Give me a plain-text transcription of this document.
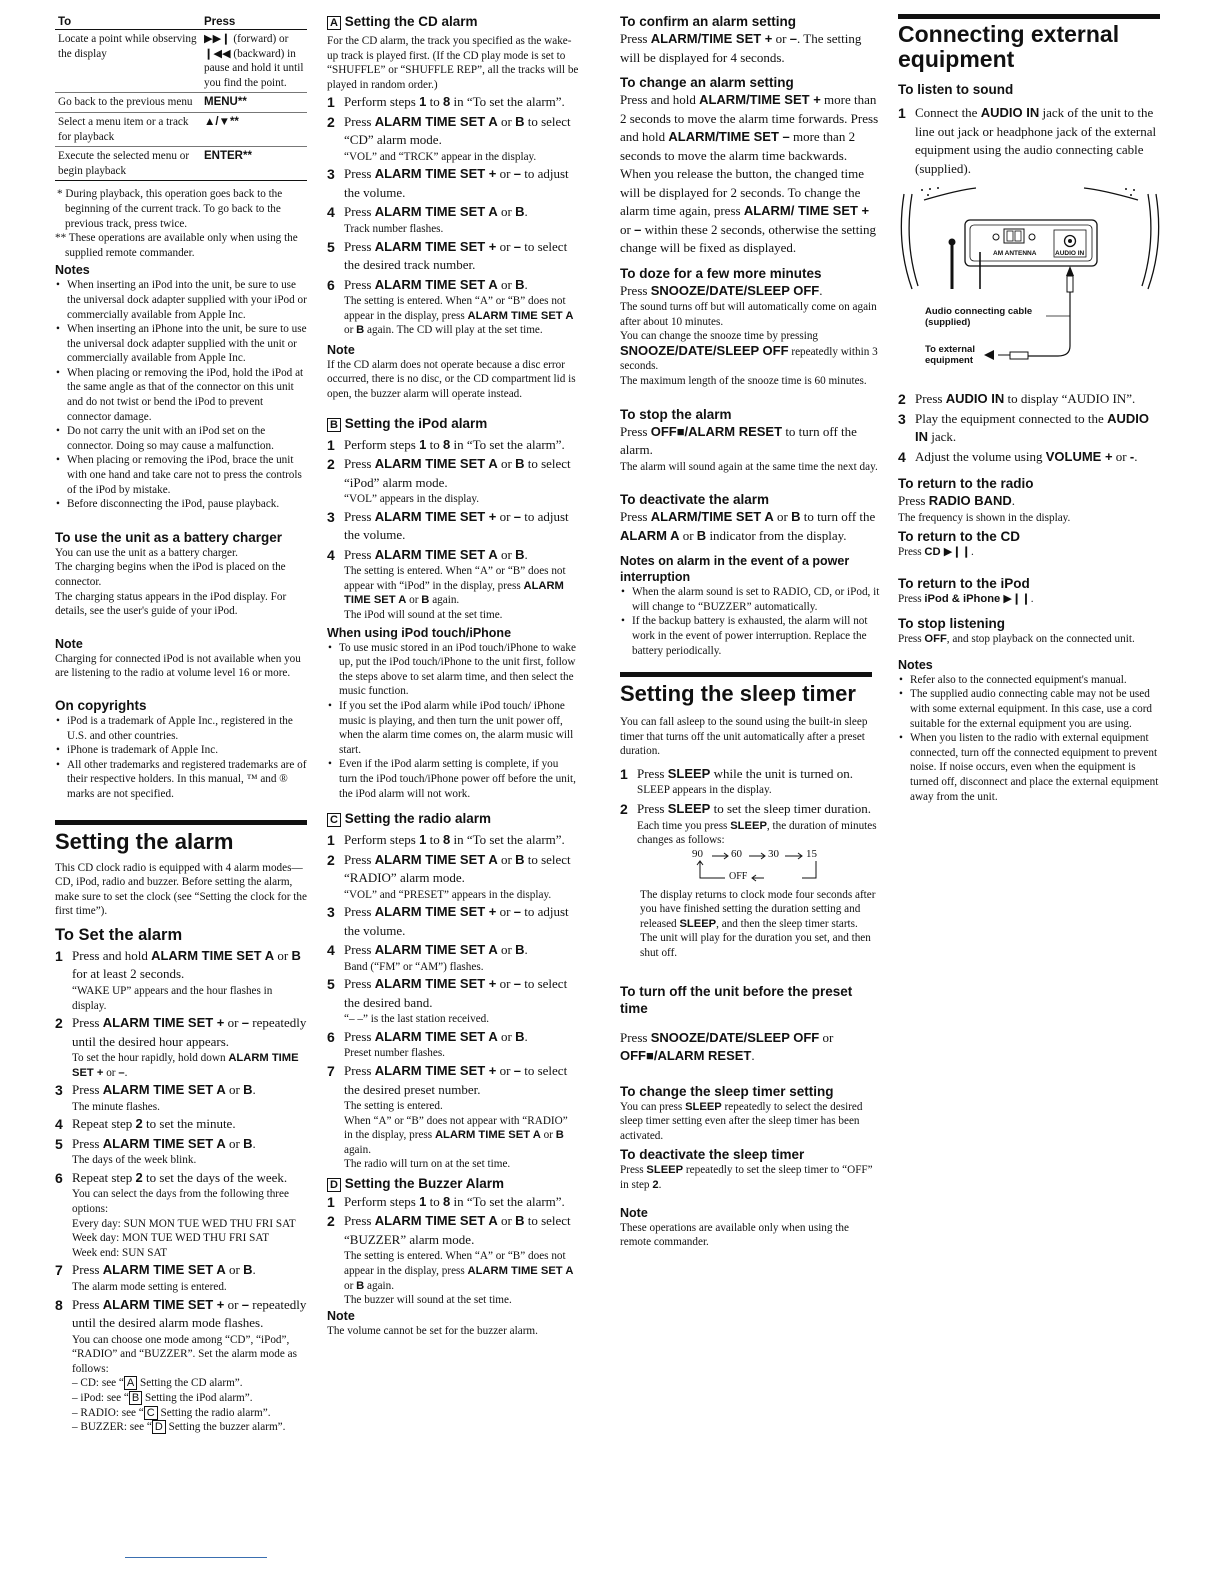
To	Press
Locate a point while observing the display	▶▶❙ (forward) or ❙◀◀ (backward) in pause and hold it until you find the point.
Go back to the previous menu	MENU**
Select a menu item or a track for playback	▲/▼**
Execute the selected menu or begin playback	ENTER**

* During playback, this operation goes back to the beginning of the current track. To go back to the previous track, press twice.

** These operations are available only when using the supplied remote commander.

Notes

• When inserting an iPod into the unit, be sure to use the universal dock adapter supplied with your iPod or commercially available from Apple Inc.
• When inserting an iPhone into the unit, be sure to use the universal dock adapter supplied with the unit or commercially available from Apple Inc.
• When placing or removing the iPod, hold the iPod at the same angle as that of the connector on this unit and do not twist or bend the iPod to prevent connector damage.
• Do not carry the unit with an iPod set on the connector. Doing so may cause a malfunction.
• When placing or removing the iPod, brace the unit with one hand and take care not to press the controls of the iPod by mistake.
• Before disconnecting the iPod, pause playback.

To use the unit as a battery charger

You can use the unit as a battery charger.

The charging begins when the iPod is placed on the connector.

The charging status appears in the iPod display. For details, see the user's guide of your iPod.

Note

Charging for connected iPod is not available when you are listening to the radio at volume level 16 or more.

On copyrights

• iPod is a trademark of Apple Inc., registered in the U.S. and other countries.
• iPhone is trademark of Apple Inc.
• All other trademarks and registered trademarks are of their respective holders. In this manual, ™ and ® marks are not specified.
Setting the alarm

This CD clock radio is equipped with 4 alarm modes—CD, iPod, radio and buzzer. Before setting the alarm, make sure to set the clock (see “Setting the clock for the first time”).

To Set the alarm

1 Press and hold ALARM TIME SET A or B for at least 2 seconds.
“WAKE UP” appears and the hour flashes in display.
2 Press ALARM TIME SET + or – repeatedly until the desired hour appears.
To set the hour rapidly, hold down ALARM TIME SET + or –.
3 Press ALARM TIME SET A or B.
The minute flashes.
4 Repeat step 2 to set the minute.
5 Press ALARM TIME SET A or B.
The days of the week blink.
6 Repeat step 2 to set the days of the week.
You can select the days from the following three options:
Every day: SUN MON TUE WED THU FRI SAT
Week day: MON TUE WED THU FRI SAT
Week end: SUN SAT
7 Press ALARM TIME SET A or B.
The alarm mode setting is entered.
8 Press ALARM TIME SET + or – repeatedly until the desired alarm mode flashes.
You can choose one mode among “CD”, “iPod”, “RADIO” and “BUZZER”. Set the alarm mode as follows:
– CD: see “ A Setting the CD alarm”.
– iPod: see “ B Setting the iPod alarm”.
– RADIO: see “ C Setting the radio alarm”.
– BUZZER: see “ D Setting the buzzer alarm”.

A Setting the CD alarm

For the CD alarm, the track you specified as the wake-up track is played first. (If the CD play mode is set to “SHUFFLE” or “SHUFFLE REP”, all the tracks will be played in random order.)

1 Perform steps 1 to 8 in “To set the alarm”.
2 Press ALARM TIME SET A or B to select “CD” alarm mode.
“VOL” and “TRCK” appear in the display.
3 Press ALARM TIME SET + or – to adjust the volume.
4 Press ALARM TIME SET A or B.
Track number flashes.
5 Press ALARM TIME SET + or – to select the desired track number.
6 Press ALARM TIME SET A or B.
The setting is entered. When “A” or “B” does not appear in the display, press ALARM TIME SET A or B again. The CD will play at the set time.

Note

If the CD alarm does not operate because a disc error occurred, there is no disc, or the CD compartment lid is open, the buzzer alarm will operate instead.

B Setting the iPod alarm

1 Perform steps 1 to 8 in “To set the alarm”.
2 Press ALARM TIME SET A or B to select “iPod” alarm mode.
“VOL” appears in the display.
3 Press ALARM TIME SET + or – to adjust the volume.
4 Press ALARM TIME SET A or B.
The setting is entered. When “A” or “B” does not appear with “iPod” in the display, press ALARM TIME SET A or B again.
The iPod will sound at the set time.

When using iPod touch/iPhone

• To use music stored in an iPod touch/iPhone to wake up, put the iPod touch/iPhone to the unit first, follow the steps above to set alarm time, and then select the music function.
• If you set the iPod alarm while iPod touch/ iPhone music is playing, and then turn the unit power off, when the alarm time comes on, the alarm music will start.
• Even if the iPod alarm setting is complete, if you turn the iPod touch/iPhone power off before the unit, the iPod alarm will not work.

C Setting the radio alarm

1 Perform steps 1 to 8 in “To set the alarm”.
2 Press ALARM TIME SET A or B to select “RADIO” alarm mode.
“VOL” and “PRESET” appears in the display.
3 Press ALARM TIME SET + or – to adjust the volume.
4 Press ALARM TIME SET A or B.
Band (“FM” or “AM”) flashes.
5 Press ALARM TIME SET + or – to select the desired band.
“– –” is the last station received.
6 Press ALARM TIME SET A or B.
Preset number flashes.
7 Press ALARM TIME SET + or – to select the desired preset number.
The setting is entered.
When “A” or “B” does not appear with “RADIO” in the display, press ALARM TIME SET A or B again.
The radio will turn on at the set time.

D Setting the Buzzer Alarm

1 Perform steps 1 to 8 in “To set the alarm”.
2 Press ALARM TIME SET A or B to select “BUZZER” alarm mode.
The setting is entered. When “A” or “B” does not appear in the display, press ALARM TIME SET A or B again.
The buzzer will sound at the set time.

Note

The volume cannot be set for the buzzer alarm.

To confirm an alarm setting

Press ALARM/TIME SET + or –. The setting will be displayed for 4 seconds.

To change an alarm setting

Press and hold ALARM/TIME SET + more than 2 seconds to move the alarm time forwards. Press and hold ALARM/TIME SET – more than 2 seconds to move the alarm time backwards.
When you release the button, the changed time will be displayed for 2 seconds. To change the alarm time again, press ALARM/ TIME SET + or – within these 2 seconds, otherwise the setting change will be fixed as displayed.

To doze for a few more minutes

Press SNOOZE/DATE/SLEEP OFF.

The sound turns off but will automatically come on again after about 10 minutes.
You can change the snooze time by pressing SNOOZE/DATE/SLEEP OFF repeatedly within 3 seconds.
The maximum length of the snooze time is 60 minutes.

To stop the alarm

Press OFF■/ALARM RESET to turn off the alarm.

The alarm will sound again at the same time the next day.

To deactivate the alarm

Press ALARM/TIME SET A or B to turn off the ALARM A or B indicator from the display.

Notes on alarm in the event of a power interruption

• When the alarm sound is set to RADIO, CD, or iPod, it will change to “BUZZER” automatically.
• If the backup battery is exhausted, the alarm will not work in the event of power interruption. Replace the battery periodically.
Setting the sleep timer

You can fall asleep to the sound using the built-in sleep timer that turns off the unit automatically after a preset duration.

1 Press SLEEP while the unit is turned on.
SLEEP appears in the display.
2 Press SLEEP to set the sleep timer duration.
Each time you press SLEEP, the duration of minutes changes as follows:
90	60 30 15
OFF

The display returns to clock mode four seconds after you have finished setting the duration setting and released SLEEP, and then the sleep timer starts.
The unit will play for the duration you set, and then shut off.

To turn off the unit before the preset time

Press SNOOZE/DATE/SLEEP OFF or OFF■/ALARM RESET.

To change the sleep timer setting

You can press SLEEP repeatedly to select the desired sleep timer setting even after the sleep timer has been activated.

To deactivate the sleep timer

Press SLEEP repeatedly to set the sleep timer to “OFF” in step 2.

Note

These operations are available only when using the remote commander.

Connecting external equipment

To listen to sound

1 Connect the AUDIO IN jack of the unit to the line out jack or headphone jack of the external equipment using the audio connecting cable (supplied).
AM ANTENNA	AUDIO IN
Audio connecting cable (supplied)
To external equipment
2 Press AUDIO IN to display “AUDIO IN”.
3 Play the equipment connected to the AUDIO IN jack.
4 Adjust the volume using VOLUME + or -.

To return to the radio

Press RADIO BAND.

The frequency is shown in the display.

To return to the CD

Press CD ▶❙❙.

To return to the iPod

Press iPod & iPhone ▶❙❙.

To stop listening

Press OFF, and stop playback on the connected unit.

Notes

• Refer also to the connected equipment's manual.
• The supplied audio connecting cable may not be used with some external equipment. In this case, use a cord suitable for the external equipment you are using.
• When you listen to the radio with external equipment connected, turn off the connected equipment to prevent noise. If noise occurs, even when the equipment is turned off, disconnect and place the external equipment away from the unit.
